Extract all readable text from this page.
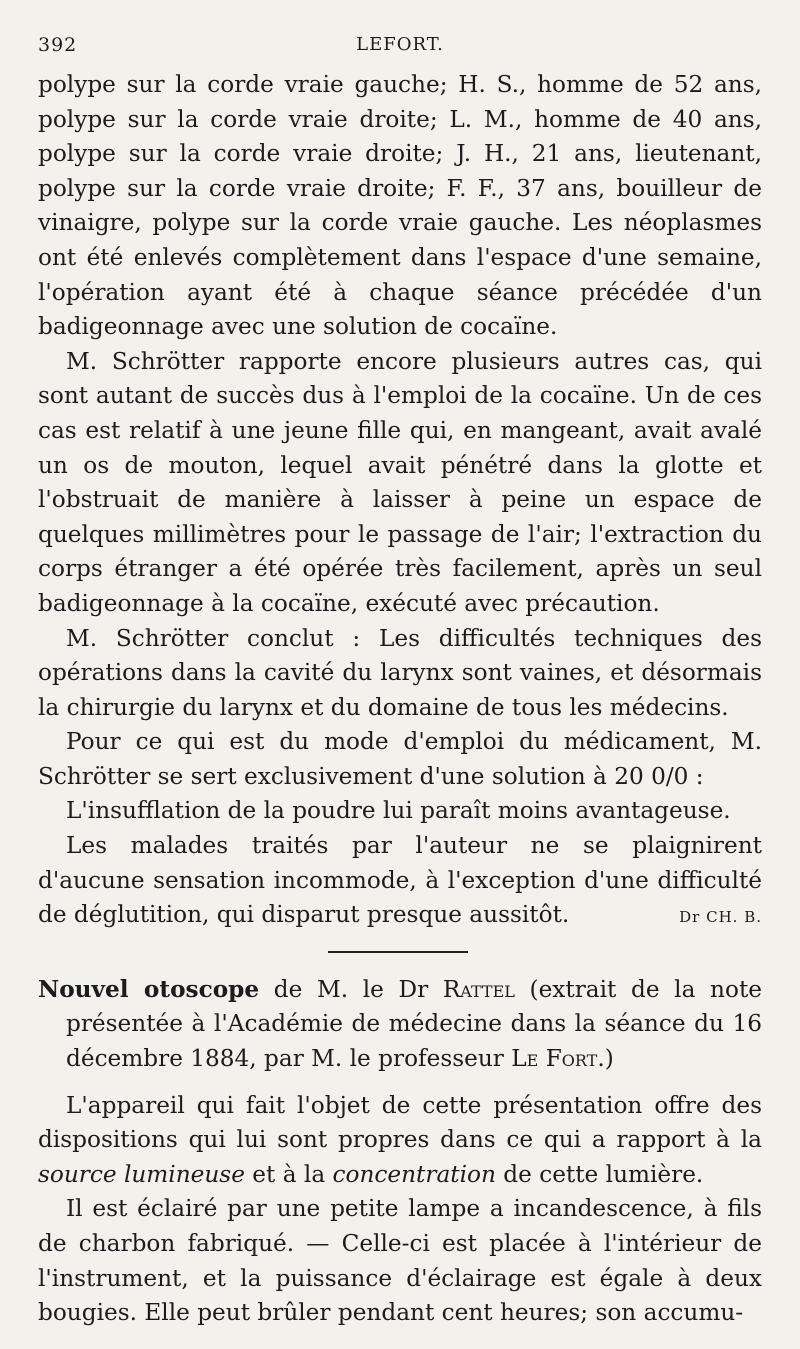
392	LEFORT.

polype sur la corde vraie gauche; H. S., homme de 52 ans, polype sur la corde vraie droite; L. M., homme de 40 ans, polype sur la corde vraie droite; J. H., 21 ans, lieutenant, polype sur la corde vraie droite; F. F., 37 ans, bouilleur de vinaigre, polype sur la corde vraie gauche. Les néoplasmes ont été enlevés complètement dans l'espace d'une semaine, l'opération ayant été à chaque séance précédée d'un badigeonnage avec une solution de cocaïne.

M. Schrötter rapporte encore plusieurs autres cas, qui sont autant de succès dus à l'emploi de la cocaïne. Un de ces cas est relatif à une jeune fille qui, en mangeant, avait avalé un os de mouton, lequel avait pénétré dans la glotte et l'obstruait de manière à laisser à peine un espace de quelques millimètres pour le passage de l'air; l'extraction du corps étranger a été opérée très facilement, après un seul badigeonnage à la cocaïne, exécuté avec précaution.

M. Schrötter conclut : Les difficultés techniques des opérations dans la cavité du larynx sont vaines, et désormais la chirurgie du larynx et du domaine de tous les médecins.

Pour ce qui est du mode d'emploi du médicament, M. Schrötter se sert exclusivement d'une solution à 20 0/0 :

L'insufflation de la poudre lui paraît moins avantageuse.

Les malades traités par l'auteur ne se plaignirent d'aucune sensation incommode, à l'exception d'une difficulté de déglutition, qui disparut presque aussitôt.	Dr CH. B.

Nouvel otoscope de M. le Dr Rattel (extrait de la note présentée à l'Académie de médecine dans la séance du 16 décembre 1884, par M. le professeur Le Fort.)

L'appareil qui fait l'objet de cette présentation offre des dispositions qui lui sont propres dans ce qui a rapport à la source lumineuse et à la concentration de cette lumière.

Il est éclairé par une petite lampe a incandescence, à fils de charbon fabriqué. — Celle-ci est placée à l'intérieur de l'instrument, et la puissance d'éclairage est égale à deux bougies. Elle peut brûler pendant cent heures; son accumu-
